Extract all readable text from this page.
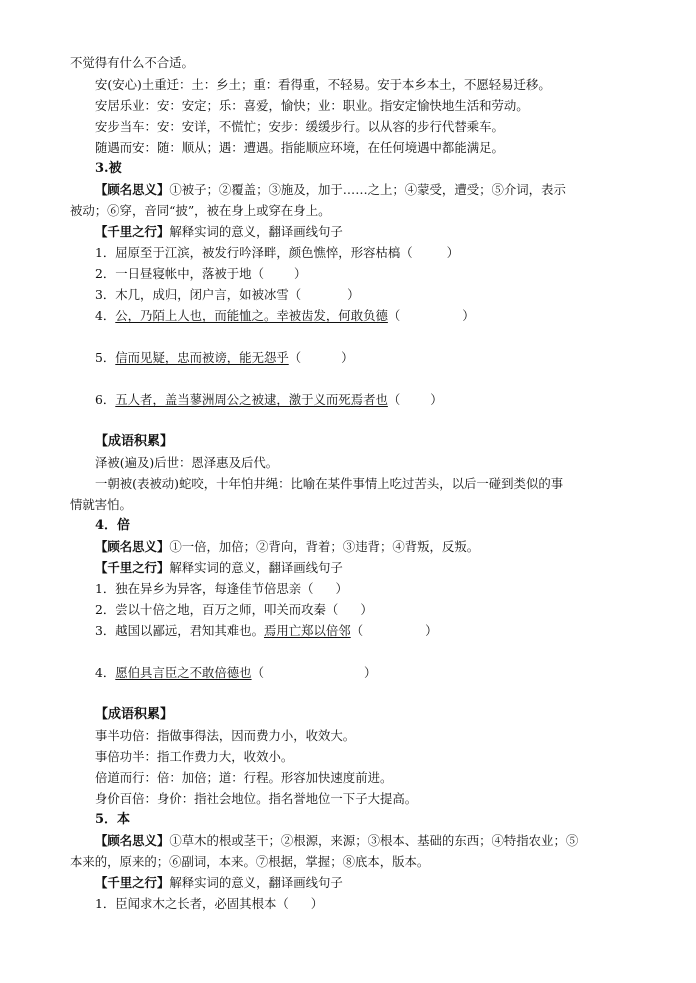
不觉得有什么不合适。
安(安心)土重迁：土：乡土；重：看得重，不轻易。安于本乡本土，不愿轻易迁移。
安居乐业：安：安定；乐：喜爱，愉快；业：职业。指安定愉快地生活和劳动。
安步当车：安：安详，不慌忙；安步：缓缓步行。以从容的步行代替乘车。
随遇而安：随：顺从；遇：遭遇。指能顺应环境，在任何境遇中都能满足。
3.被
【顾名思义】①被子；②覆盖；③施及，加于……之上；④蒙受，遭受；⑤介词，表示
被动；⑥穿，音同“披”，被在身上或穿在身上。
【千里之行】解释实词的意义，翻译画线句子
1．屈原至于江滨，被发行吟泽畔，颜色憔悴，形容枯槁（	）
2．一日昼寝帐中，落被于地（ ）
3．木几，成归，闭户言，如被冰雪（	）
4．公，乃陌上人也，而能恤之。幸被齿发，何敢负德（	）
5．信而见疑，忠而被谤，能无怨乎（	）
6．五人者，盖当蓼洲周公之被逮，激于义而死焉者也（ ）
【成语积累】
泽被(遍及)后世：恩泽惠及后代。
一朝被(表被动)蛇咬，十年怕井绳：比喻在某件事情上吃过苦头，以后一碰到类似的事
情就害怕。
4．倍
【顾名思义】①一倍，加倍；②背向，背着；③违背；④背叛，反叛。
【千里之行】解释实词的意义，翻译画线句子
1．独在异乡为异客，每逢佳节倍思亲（ ）
2．尝以十倍之地，百万之师，叩关而攻秦（ ）
3．越国以鄙远，君知其难也。焉用亡郑以倍邻（	）
4．愿伯具言臣之不敢倍德也（	）
【成语积累】
事半功倍：指做事得法，因而费力小，收效大。
事倍功半：指工作费力大，收效小。
倍道而行：倍：加倍；道：行程。形容加快速度前进。
身价百倍：身价：指社会地位。指名誉地位一下子大提高。
5．本
【顾名思义】①草木的根或茎干；②根源，来源；③根本、基础的东西；④特指农业；⑤
本来的，原来的；⑥副词，本来。⑦根据，掌握；⑧底本，版本。
【千里之行】解释实词的意义，翻译画线句子
1．臣闻求木之长者，必固其根本（ ）
